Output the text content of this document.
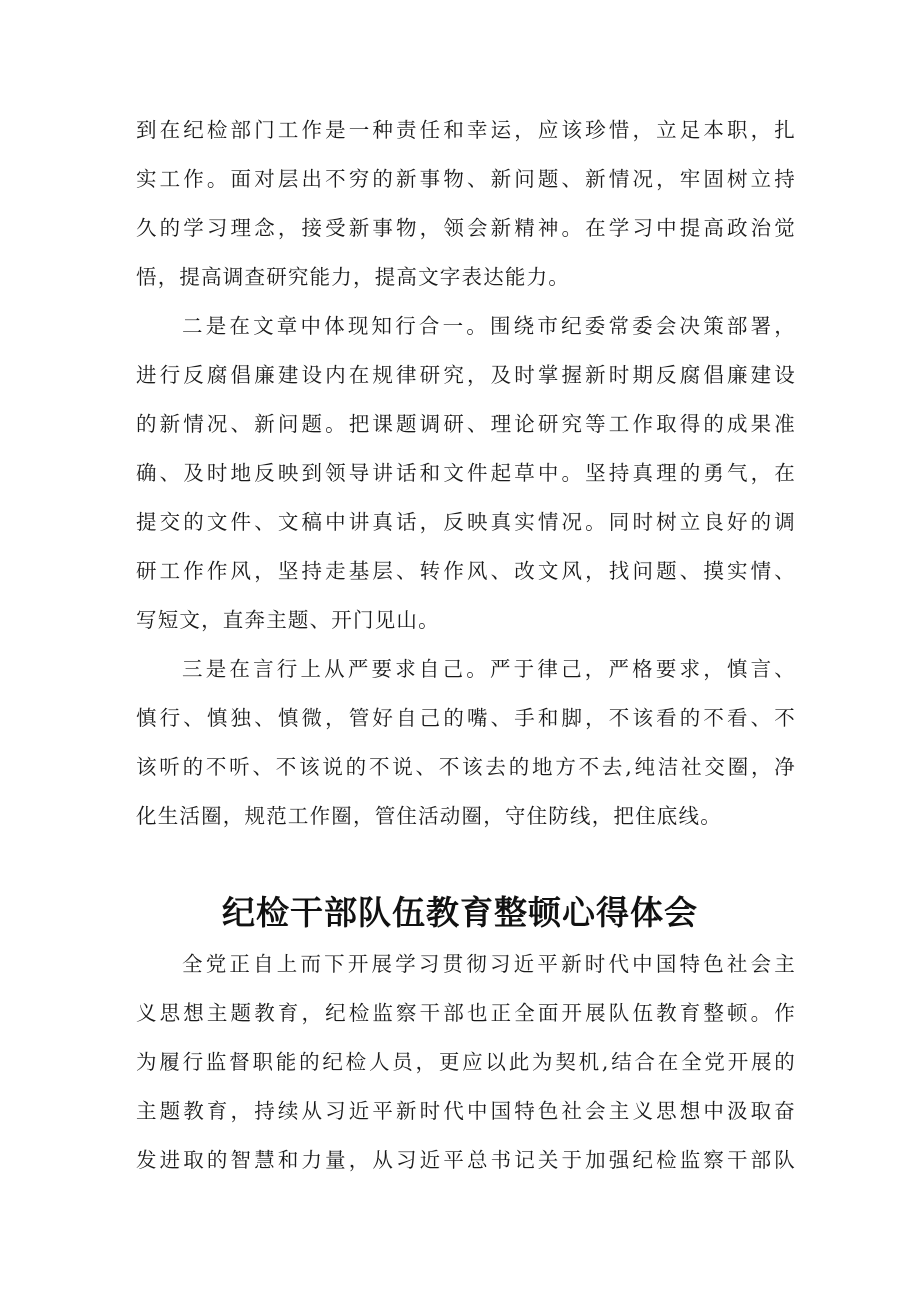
到在纪检部门工作是一种责任和幸运，应该珍惜，立足本职，扎
实工作。面对层出不穷的新事物、新问题、新情况，牢固树立持
久的学习理念，接受新事物，领会新精神。在学习中提高政治觉
悟，提高调查研究能力，提高文字表达能力。
二是在文章中体现知行合一。围绕市纪委常委会决策部署，
进行反腐倡廉建设内在规律研究，及时掌握新时期反腐倡廉建设
的新情况、新问题。把课题调研、理论研究等工作取得的成果准
确、及时地反映到领导讲话和文件起草中。坚持真理的勇气，在
提交的文件、文稿中讲真话，反映真实情况。同时树立良好的调
研工作作风，坚持走基层、转作风、改文风，找问题、摸实情、
写短文，直奔主题、开门见山。
三是在言行上从严要求自己。严于律己，严格要求，慎言、
慎行、慎独、慎微，管好自己的嘴、手和脚，不该看的不看、不
该听的不听、不该说的不说、不该去的地方不去,纯洁社交圈，净
化生活圈，规范工作圈，管住活动圈，守住防线，把住底线。
纪检干部队伍教育整顿心得体会
全党正自上而下开展学习贯彻习近平新时代中国特色社会主
义思想主题教育，纪检监察干部也正全面开展队伍教育整顿。作
为履行监督职能的纪检人员，更应以此为契机,结合在全党开展的
主题教育，持续从习近平新时代中国特色社会主义思想中汲取奋
发进取的智慧和力量，从习近平总书记关于加强纪检监察干部队
